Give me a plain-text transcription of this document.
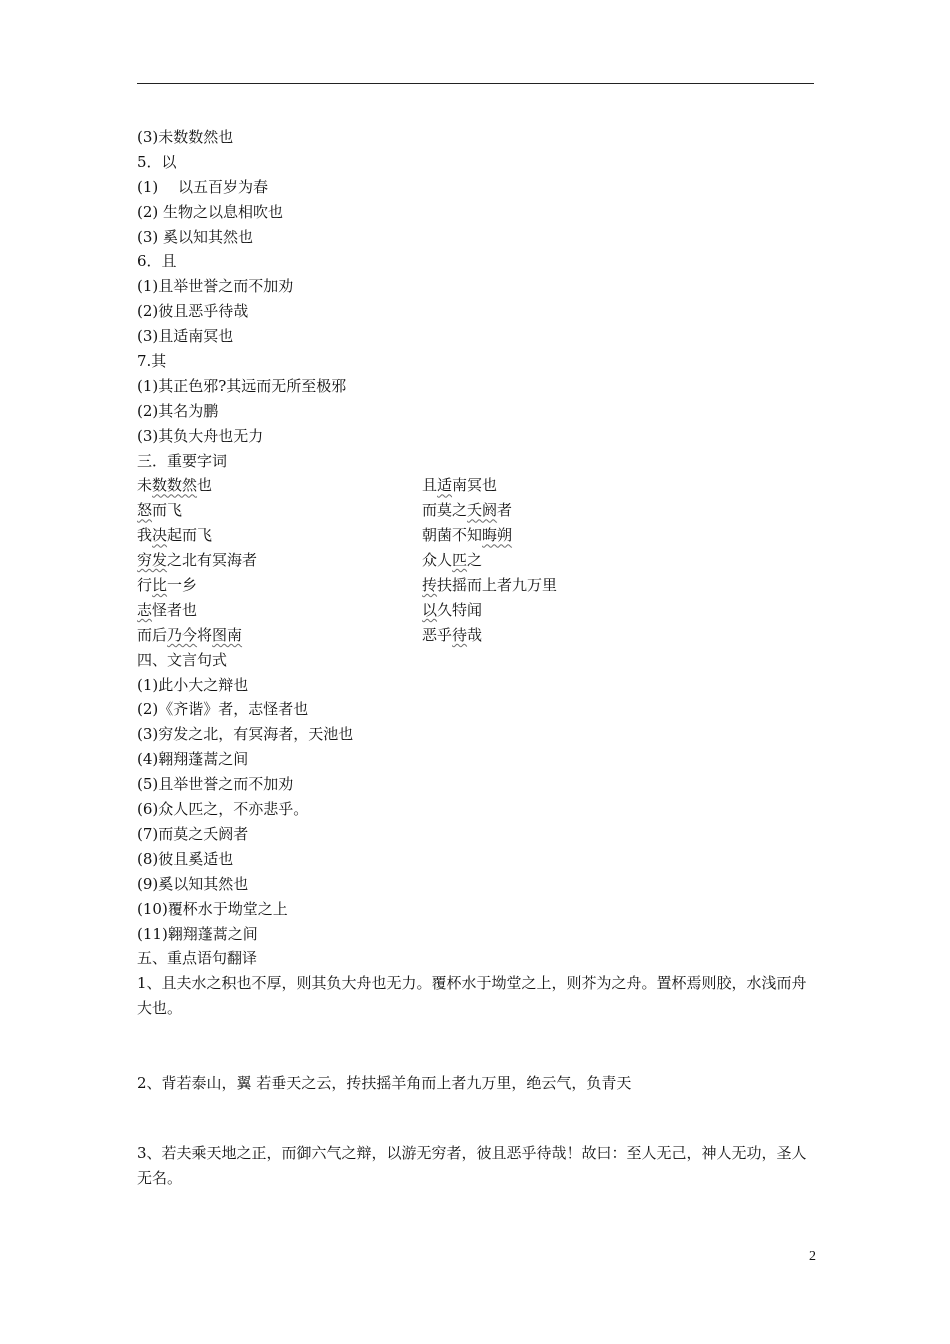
(3)未数数然也
5．以
(1)　 以五百岁为春
(2) 生物之以息相吹也
(3) 奚以知其然也
6．且
(1)且举世誉之而不加劝
(2)彼且恶乎待哉
(3)且适南冥也
7.其
(1)其正色邪?其远而无所至极邪
(2)其名为鹏
(3)其负大舟也无力
三．重要字词
未数数然也	且适南冥也
怒而飞	而莫之夭阏者
我决起而飞	朝菌不知晦朔
穷发之北有冥海者	众人匹之
行比一乡	抟扶摇而上者九万里
志怪者也	以久特闻
而后乃今将图南	恶乎待哉
四、文言句式
(1)此小大之辩也
(2)《齐谐》者，志怪者也
(3)穷发之北，有冥海者，天池也
(4)翱翔蓬蒿之间
(5)且举世誉之而不加劝
(6)众人匹之，不亦悲乎。
(7)而莫之夭阏者
(8)彼且奚适也
(9)奚以知其然也
(10)覆杯水于坳堂之上
(11)翱翔蓬蒿之间
五、重点语句翻译
1、且夫水之积也不厚，则其负大舟也无力。覆杯水于坳堂之上，则芥为之舟。置杯焉则胶，水浅而舟大也。
2、背若泰山，翼 若垂天之云，抟扶摇羊角而上者九万里，绝云气，负青天
3、若夫乘天地之正，而御六气之辩，以游无穷者，彼且恶乎待哉！故曰：至人无己，神人无功，圣人无名。
2
